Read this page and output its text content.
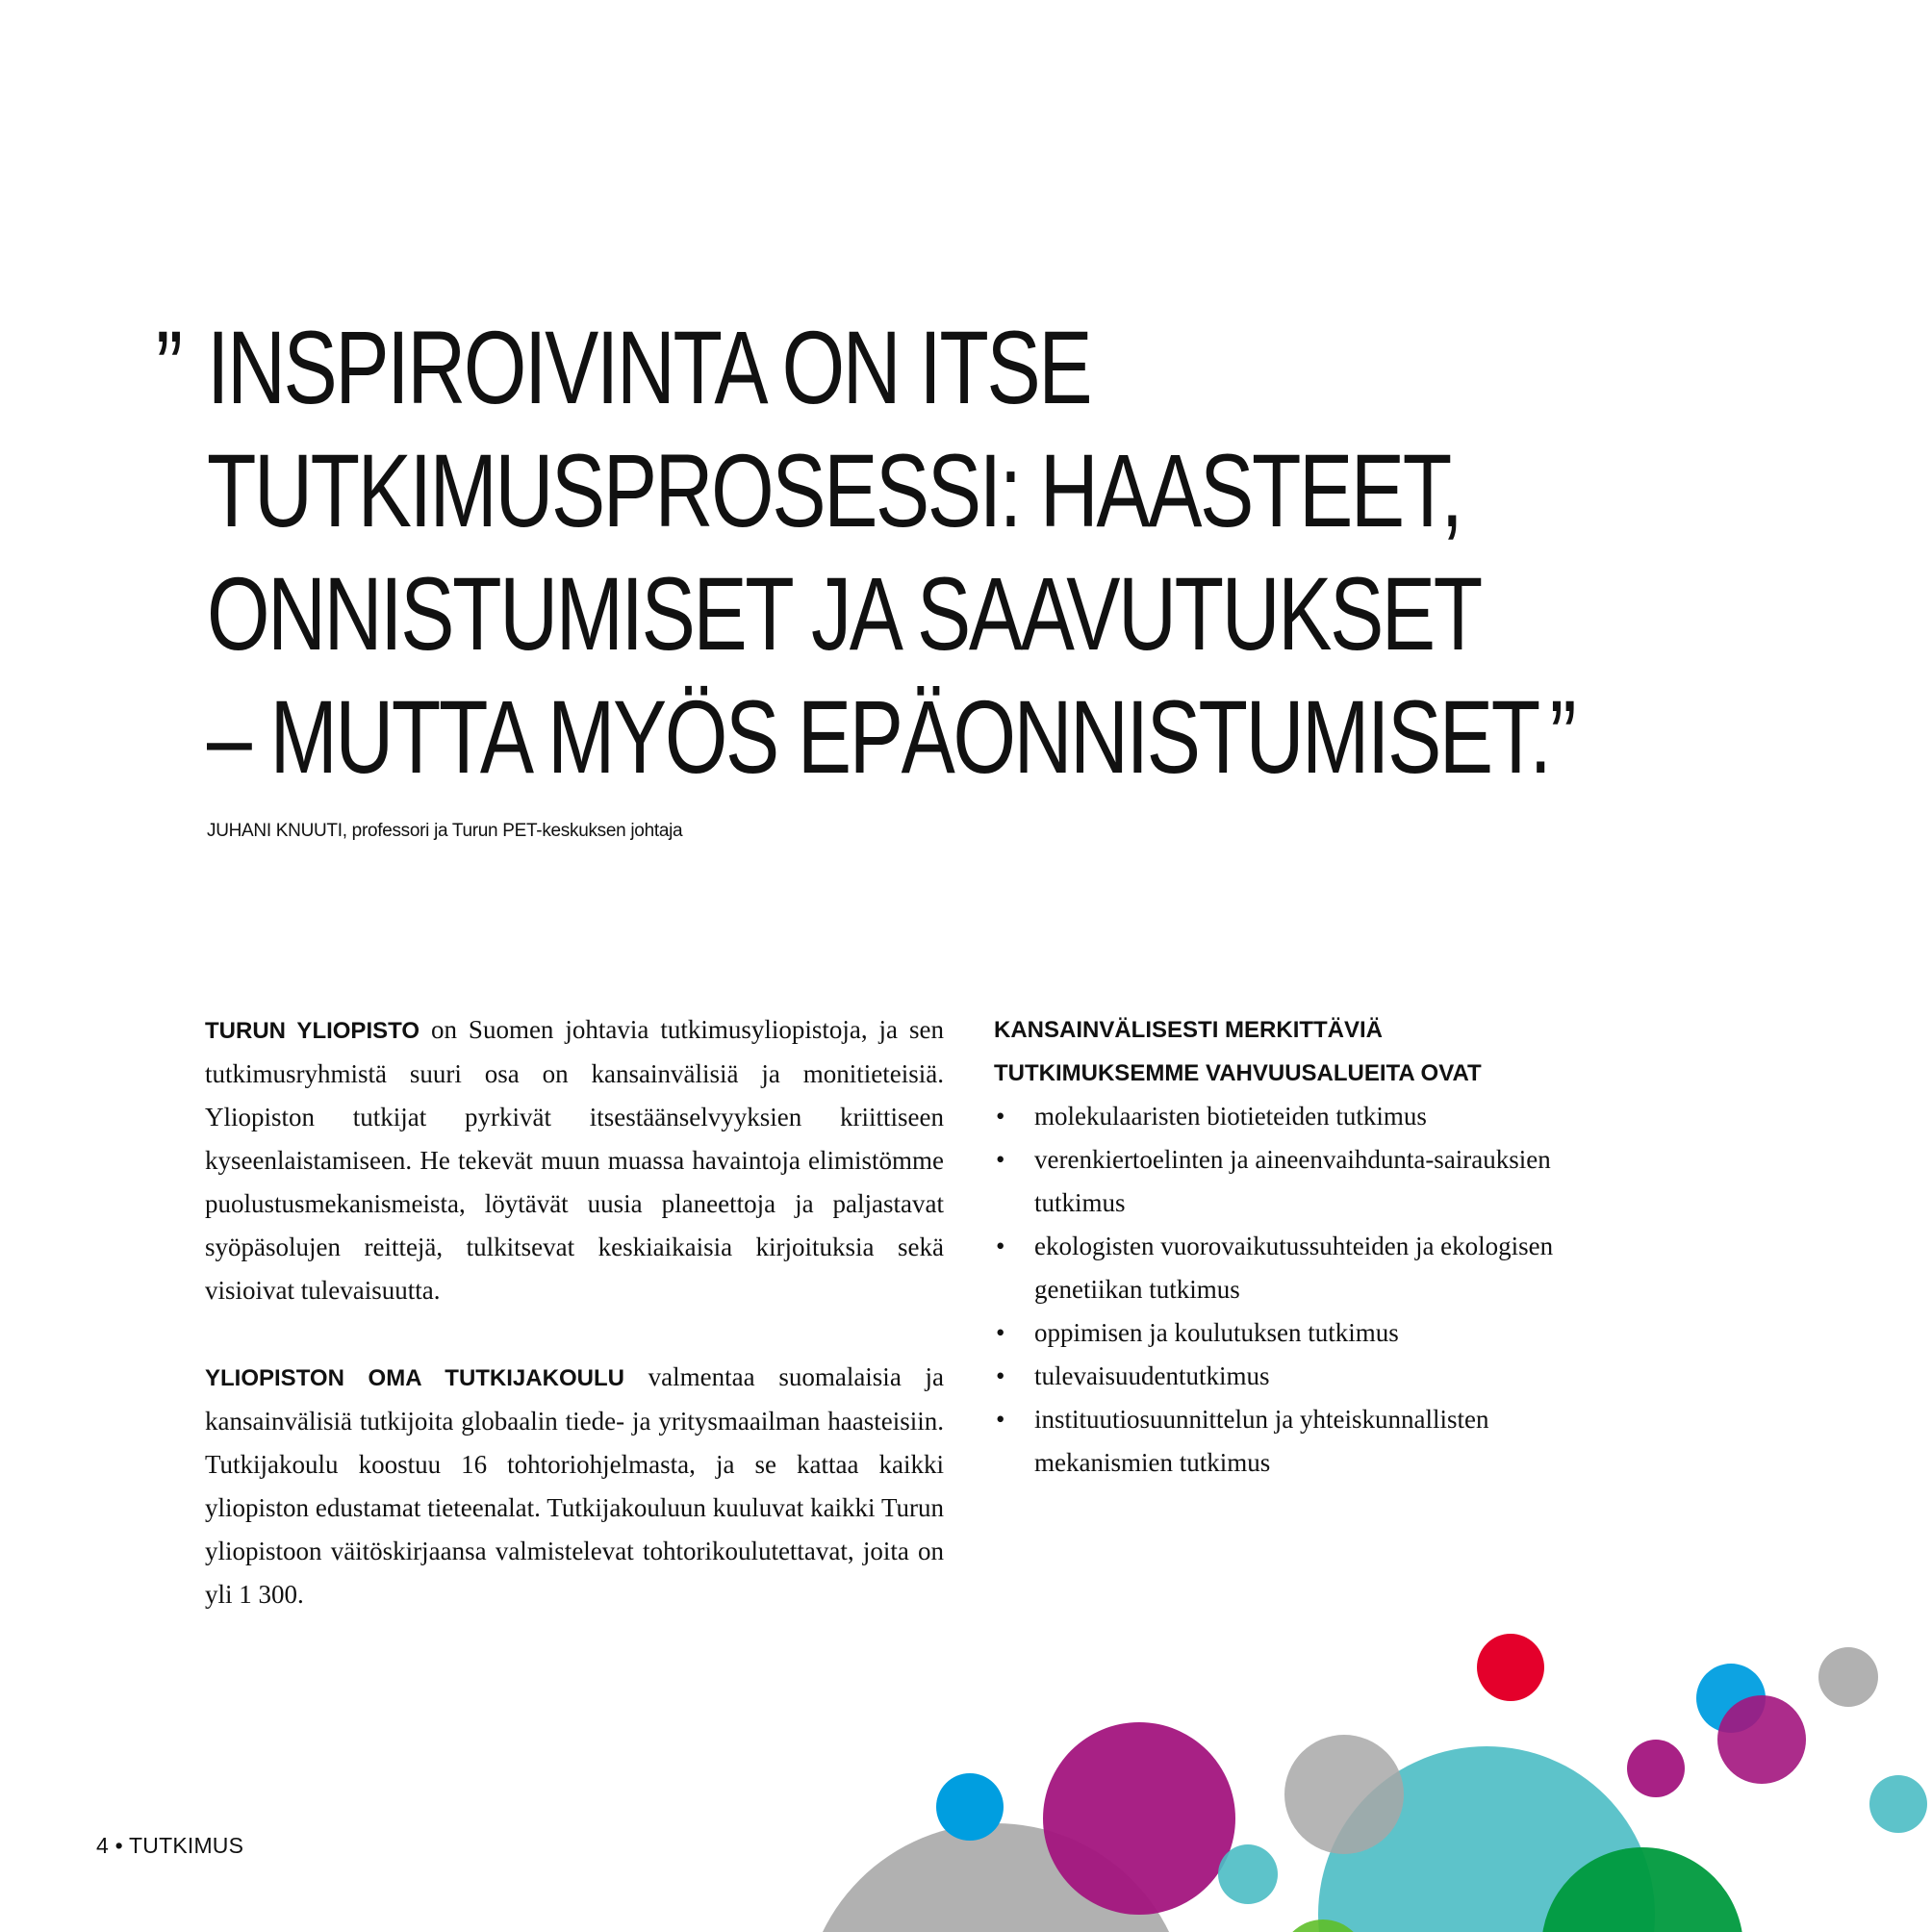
” INSPIROIVINTA ON ITSE
TUTKIMUSPROSESSI: HAASTEET,
ONNISTUMISET JA SAAVUTUKSET
– MUTTA MYÖS EPÄONNISTUMISET.”
JUHANI KNUUTI, professori ja Turun PET-keskuksen johtaja

TURUN YLIOPISTO on Suomen johtavia tutkimusyliopistoja, ja sen tutkimusryhmistä suuri osa on kansainvälisiä ja monitieteisiä. Yliopiston tutkijat pyrkivät itsestäänselvyyksien kriittiseen kyseenlaistamiseen. He tekevät muun muassa havaintoja elimistömme puolustusmekanismeista, löytävät uusia planeettoja ja paljastavat syöpäsolujen reittejä, tulkitsevat keskiaikaisia kirjoituksia sekä visioivat tulevaisuutta.

YLIOPISTON OMA TUTKIJAKOULU valmentaa suomalaisia ja kansainvälisiä tutkijoita globaalin tiede- ja yritysmaailman haasteisiin. Tutkijakoulu koostuu 16 tohtoriohjelmasta, ja se kattaa kaikki yliopiston edustamat tieteenalat. Tutkijakouluun kuuluvat kaikki Turun yliopistoon väitöskirjaansa valmistelevat tohtorikoulutettavat, joita on yli 1 300.

KANSAINVÄLISESTI MERKITTÄVIÄ
TUTKIMUKSEMME VAHVUUSALUEITA OVAT
• molekulaaristen biotieteiden tutkimus
• verenkiertoelinten ja aineenvaihdunta-sairauksien tutkimus
• ekologisten vuorovaikutussuhteiden ja ekologisen genetiikan tutkimus
• oppimisen ja koulutuksen tutkimus
• tulevaisuudentutkimus
• instituutiosuunnittelun ja yhteiskunnallisten mekanismien tutkimus
4 • TUTKIMUS
